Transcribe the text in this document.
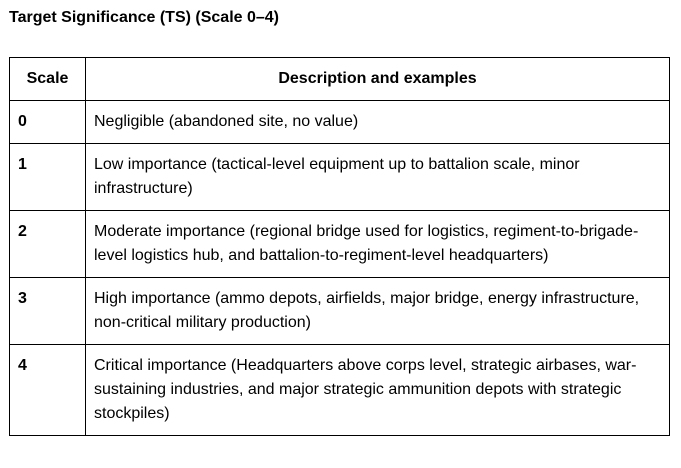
Target Significance (TS) (Scale 0–4)
Scale	Description and examples
0	Negligible (abandoned site, no value)
1	Low importance (tactical-level equipment up to battalion scale, minor infrastructure)
2	Moderate importance (regional bridge used for logistics, regiment-to-brigade-level logistics hub, and battalion-to-regiment-level headquarters)
3	High importance (ammo depots, airfields, major bridge, energy infrastructure, non-critical military production)
4	Critical importance (Headquarters above corps level, strategic airbases, war-sustaining industries, and major strategic ammunition depots with strategic stockpiles)
